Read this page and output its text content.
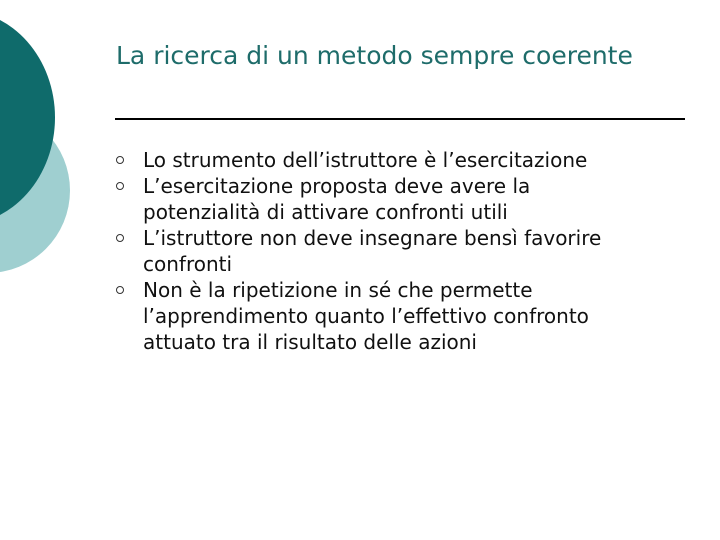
La ricerca di un metodo sempre coerente
Lo strumento dell’istruttore è l’esercitazione
L’esercitazione proposta deve avere la potenzialità di attivare confronti utili
L’istruttore non deve insegnare bensì favorire confronti
Non è la ripetizione in sé che permette l’apprendimento quanto l’effettivo confronto attuato tra il risultato delle azioni
